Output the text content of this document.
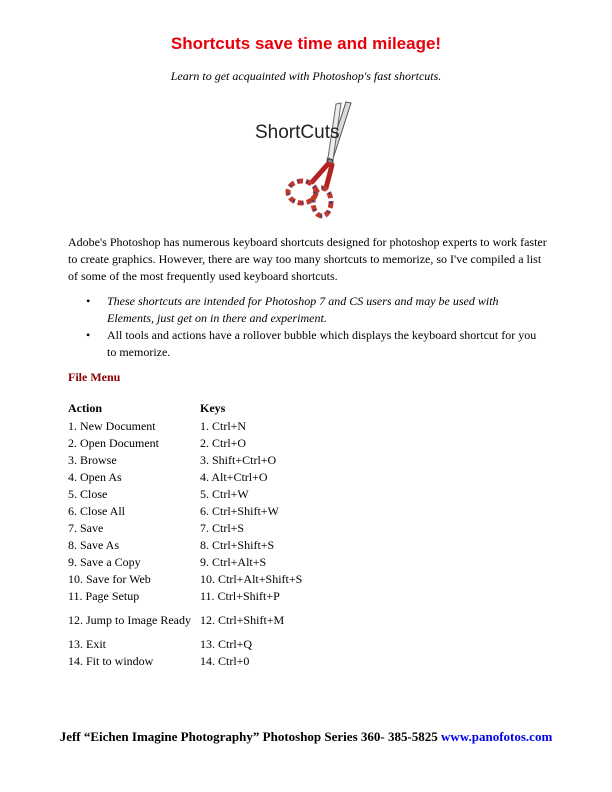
Shortcuts save time and mileage!
Learn to get acquainted with Photoshop's fast shortcuts.
ShortCuts

Adobe's Photoshop has numerous keyboard shortcuts designed for photoshop experts to work faster to create graphics. However, there are way too many shortcuts to memorize, so I've compiled a list of some of the most frequently used keyboard shortcuts.

• These shortcuts are intended for Photoshop 7 and CS users and may be used with Elements, just get on in there and experiment.
• All tools and actions have a rollover bubble which displays the keyboard shortcut for you to memorize.
File Menu
Action	Keys
1. New Document	1. Ctrl+N
2. Open Document	2. Ctrl+O
3. Browse	3. Shift+Ctrl+O
4. Open As	4. Alt+Ctrl+O
5. Close	5. Ctrl+W
6. Close All	6. Ctrl+Shift+W
7. Save	7. Ctrl+S
8. Save As	8. Ctrl+Shift+S
9. Save a Copy	9. Ctrl+Alt+S
10. Save for Web	10. Ctrl+Alt+Shift+S
11. Page Setup	11. Ctrl+Shift+P
12. Jump to Image Ready	12. Ctrl+Shift+M
13. Exit	13. Ctrl+Q
14. Fit to window	14. Ctrl+0
Jeff “Eichen Imagine Photography” Photoshop Series 360- 385-5825 www.panofotos.com
